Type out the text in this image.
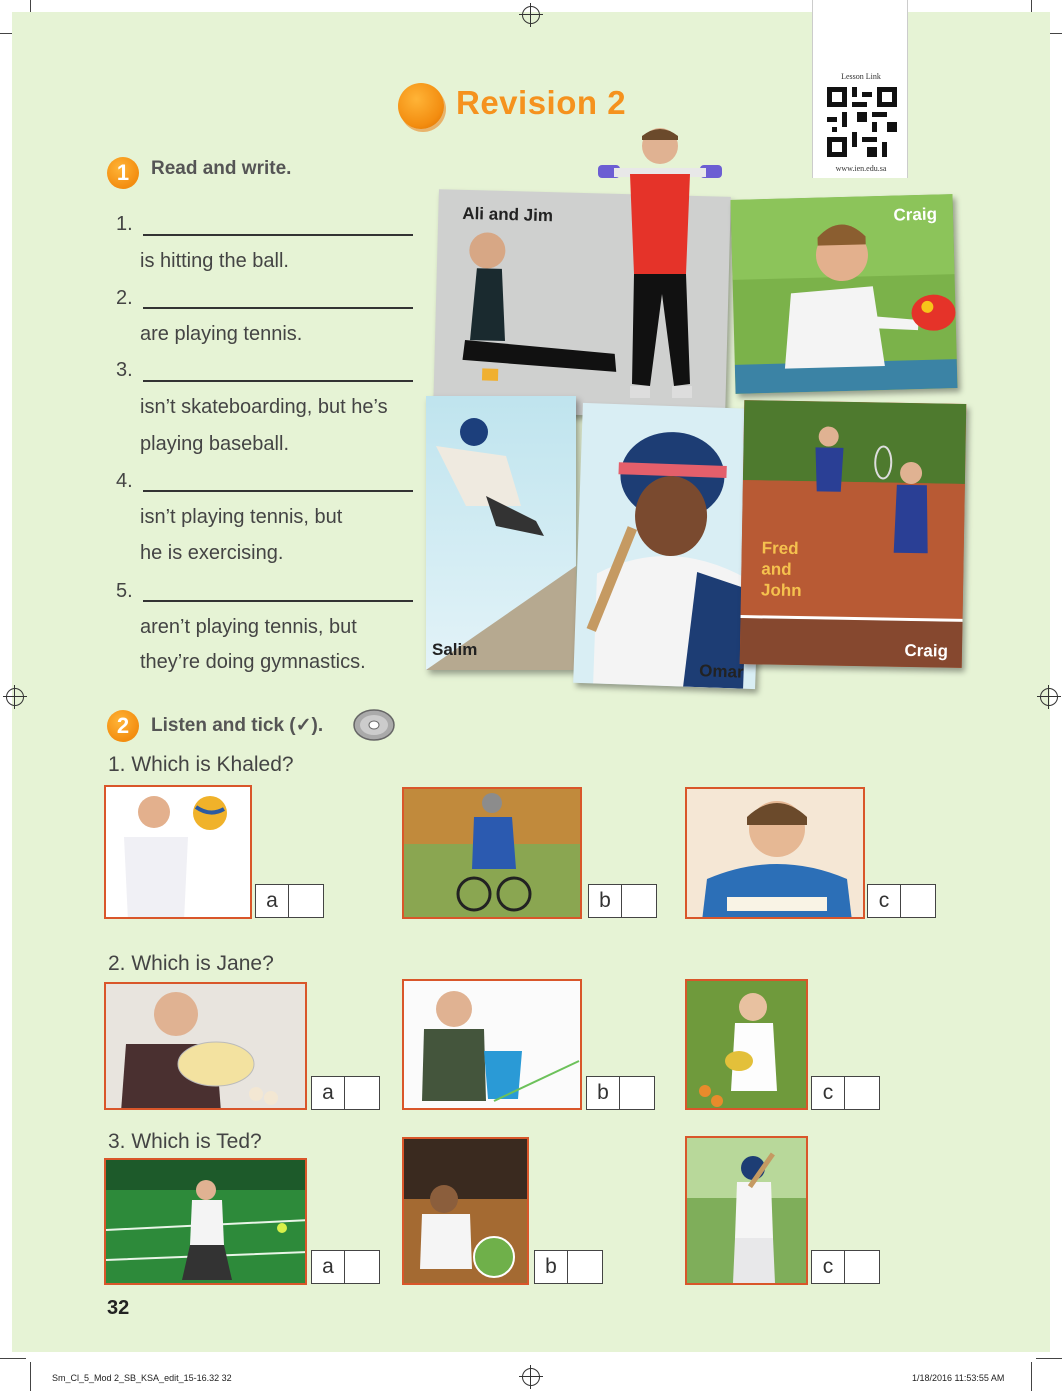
Lesson Link
www.ien.edu.sa
Revision 2
1	Read and write.
1.
is hitting the ball.
2.
are playing tennis.
3.
isn’t skateboarding, but he’s
playing baseball.
4.
isn’t playing tennis, but
he is exercising.
5.
aren’t playing tennis, but
they’re doing gymnastics.
Ali and Jim	Craig
Salim
Omar
Fred
and
John
Craig
2	Listen and tick (✓).
1. Which is Khaled?
a	b	c
2. Which is Jane?
a	b	c
3. Which is Ted?
a	b	c
32
Sm_Cl_5_Mod 2_SB_KSA_edit_15-16.32 32	1/18/2016 11:53:55 AM
